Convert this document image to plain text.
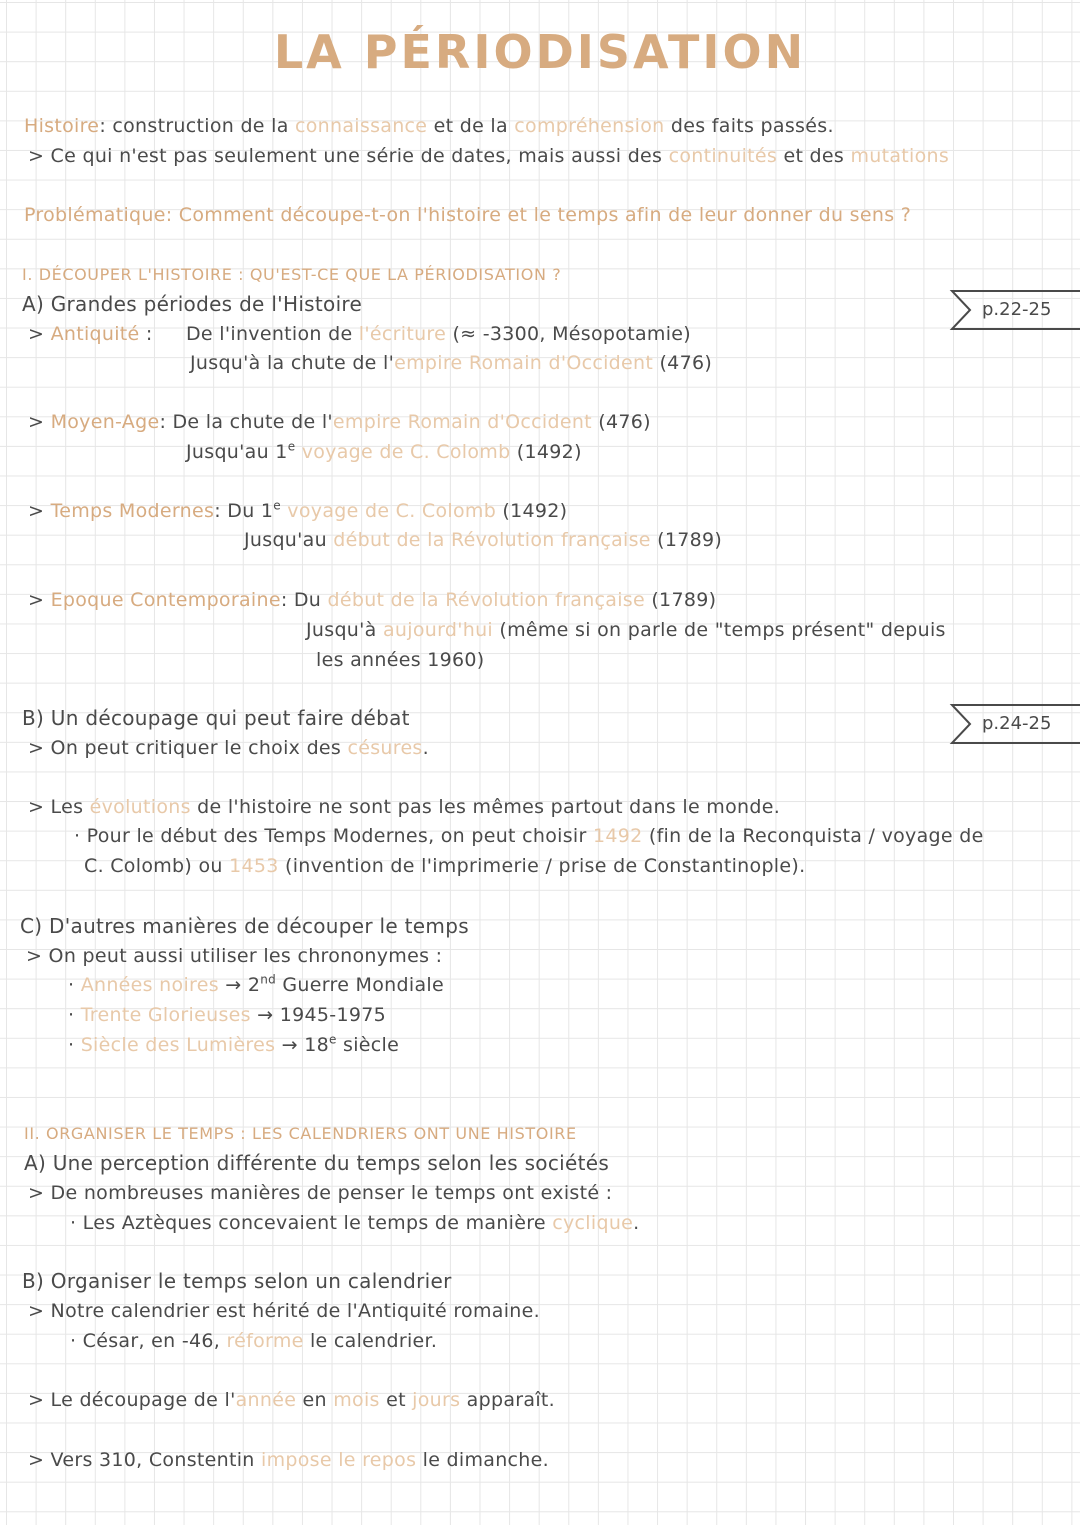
LA PÉRIODISATION
Histoire: construction de la connaissance et de la compréhension des faits passés.
> Ce qui n'est pas seulement une série de dates, mais aussi des continuités et des mutations
Problématique: Comment découpe-t-on l'histoire et le temps afin de leur donner du sens ?
I. DÉCOUPER L'HISTOIRE : QU'EST-CE QUE LA PÉRIODISATION ?
A) Grandes périodes de l'Histoire	p.22-25
> Antiquité : De l'invention de l'écriture (≈ -3300, Mésopotamie)
Jusqu'à la chute de l'empire Romain d'Occident (476)
> Moyen-Age: De la chute de l'empire Romain d'Occident (476)
Jusqu'au 1e voyage de C. Colomb (1492)
> Temps Modernes: Du 1e voyage de C. Colomb (1492)
Jusqu'au début de la Révolution française (1789)
> Epoque Contemporaine: Du début de la Révolution française (1789)
Jusqu'à aujourd'hui (même si on parle de "temps présent" depuis
les années 1960)
B) Un découpage qui peut faire débat	p.24-25
> On peut critiquer le choix des césures.
> Les évolutions de l'histoire ne sont pas les mêmes partout dans le monde.
· Pour le début des Temps Modernes, on peut choisir 1492 (fin de la Reconquista / voyage de
C. Colomb) ou 1453 (invention de l'imprimerie / prise de Constantinople).
C) D'autres manières de découper le temps
> On peut aussi utiliser les chrononymes :
· Années noires → 2nd Guerre Mondiale
· Trente Glorieuses → 1945-1975
· Siècle des Lumières → $18^e$ siècle
II. ORGANISER LE TEMPS : LES CALENDRIERS ONT UNE HISTOIRE
A) Une perception différente du temps selon les sociétés
> De nombreuses manières de penser le temps ont existé :
· Les Aztèques concevaient le temps de manière cyclique.
B) Organiser le temps selon un calendrier
> Notre calendrier est hérité de l'Antiquité romaine.
· César, en -46, réforme le calendrier.
> Le découpage de l'année en mois et jours apparaît.
> Vers 310, Constentin impose le repos le dimanche.
